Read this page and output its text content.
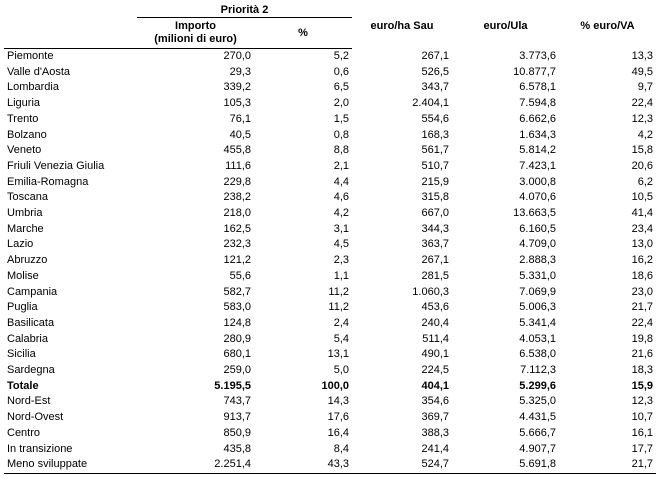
	Priorità 2		euro/ha Sau	euro/Ula	% euro/VA
	Importo
(milioni di euro)	%			
Piemonte	270,0	5,2	267,1	3.773,6	13,3
Valle d'Aosta	29,3	0,6	526,5	10.877,7	49,5
Lombardia	339,2	6,5	343,7	6.578,1	9,7
Liguria	105,3	2,0	2.404,1	7.594,8	22,4
Trento	76,1	1,5	554,6	6.662,6	12,3
Bolzano	40,5	0,8	168,3	1.634,3	4,2
Veneto	455,8	8,8	561,7	5.814,2	15,8
Friuli Venezia Giulia	111,6	2,1	510,7	7.423,1	20,6
Emilia-Romagna	229,8	4,4	215,9	3.000,8	6,2
Toscana	238,2	4,6	315,8	4.070,6	10,5
Umbria	218,0	4,2	667,0	13.663,5	41,4
Marche	162,5	3,1	344,3	6.160,5	23,4
Lazio	232,3	4,5	363,7	4.709,0	13,0
Abruzzo	121,2	2,3	267,1	2.888,3	16,2
Molise	55,6	1,1	281,5	5.331,0	18,6
Campania	582,7	11,2	1.060,3	7.069,9	23,0
Puglia	583,0	11,2	453,6	5.006,3	21,7
Basilicata	124,8	2,4	240,4	5.341,4	22,4
Calabria	280,9	5,4	511,4	4.053,1	19,8
Sicilia	680,1	13,1	490,1	6.538,0	21,6
Sardegna	259,0	5,0	224,5	7.112,3	18,3
Totale	5.195,5	100,0	404,1	5.299,6	15,9
Nord-Est	743,7	14,3	354,6	5.325,0	12,3
Nord-Ovest	913,7	17,6	369,7	4.431,5	10,7
Centro	850,9	16,4	388,3	5.666,7	16,1
In transizione	435,8	8,4	241,4	4.907,7	17,7
Meno sviluppate	2.251,4	43,3	524,7	5.691,8	21,7
